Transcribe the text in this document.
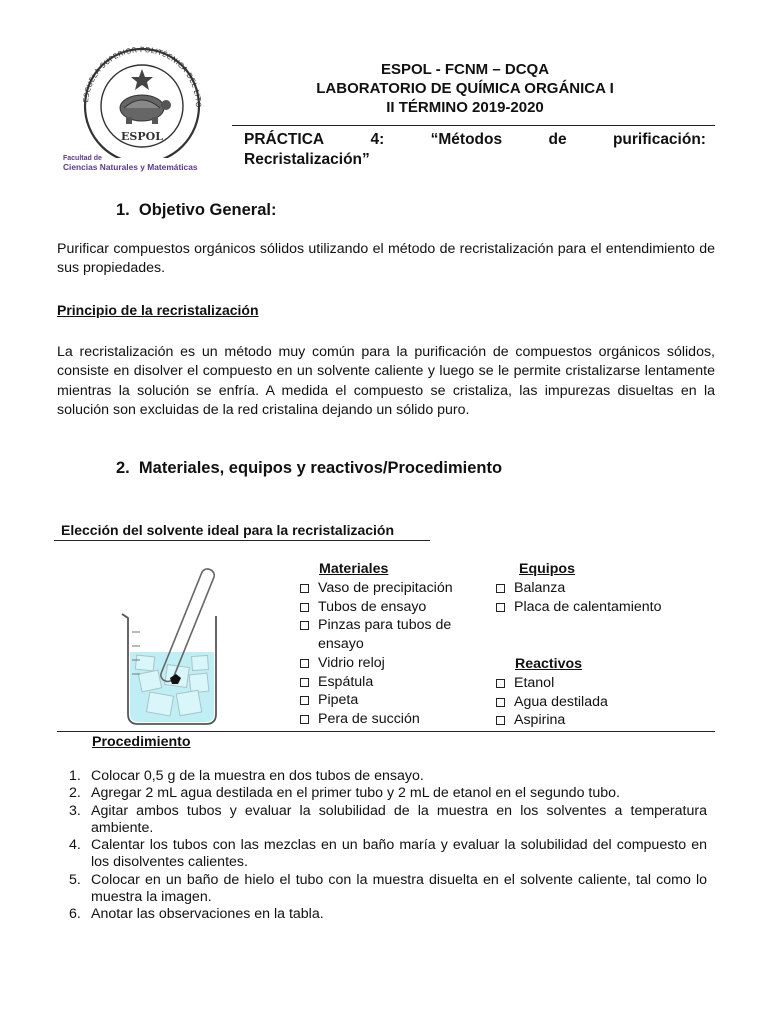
ESCUELA SUPERIOR POLITÉCNICA DEL LITO
ESPOL
Facultad de
Ciencias Naturales y Matemáticas
ESPOL - FCNM – DCQA
LABORATORIO DE QUÍMICA ORGÁNICA I
II TÉRMINO 2019-2020
PRÁCTICA	4:	“Métodos	de	purificación:
Recristalización”
1.  Objetivo General:

Purificar compuestos orgánicos sólidos utilizando el método de recristalización para el entendimiento de sus propiedades.

Principio de la recristalización

La recristalización es un método muy común para la purificación de compuestos orgánicos sólidos, consiste en disolver el compuesto en un solvente caliente y luego se le permite cristalizarse lentamente mientras la solución se enfría. A medida el compuesto se cristaliza, las impurezas disueltas en la solución son excluidas de la red cristalina dejando un sólido puro.

2.  Materiales, equipos y reactivos/Procedimiento
Elección del solvente ideal para la recristalización
Materiales
Vaso de precipitación
Tubos de ensayo
Pinzas para tubos de ensayo
Vidrio reloj
Espátula
Pipeta
Pera de succión
Equipos
Balanza
Placa de calentamiento
Reactivos
Etanol
Agua destilada
Aspirina
Procedimiento
1. Colocar 0,5 g de la muestra en dos tubos de ensayo.
2. Agregar 2 mL agua destilada en el primer tubo y 2 mL de etanol en el segundo tubo.
3. Agitar ambos tubos y evaluar la solubilidad de la muestra en los solventes a temperatura ambiente.
4. Calentar los tubos con las mezclas en un baño maría y evaluar la solubilidad del compuesto en los disolventes calientes.
5. Colocar en un baño de hielo el tubo con la muestra disuelta en el solvente caliente, tal como lo muestra la imagen.
6. Anotar las observaciones en la tabla.
